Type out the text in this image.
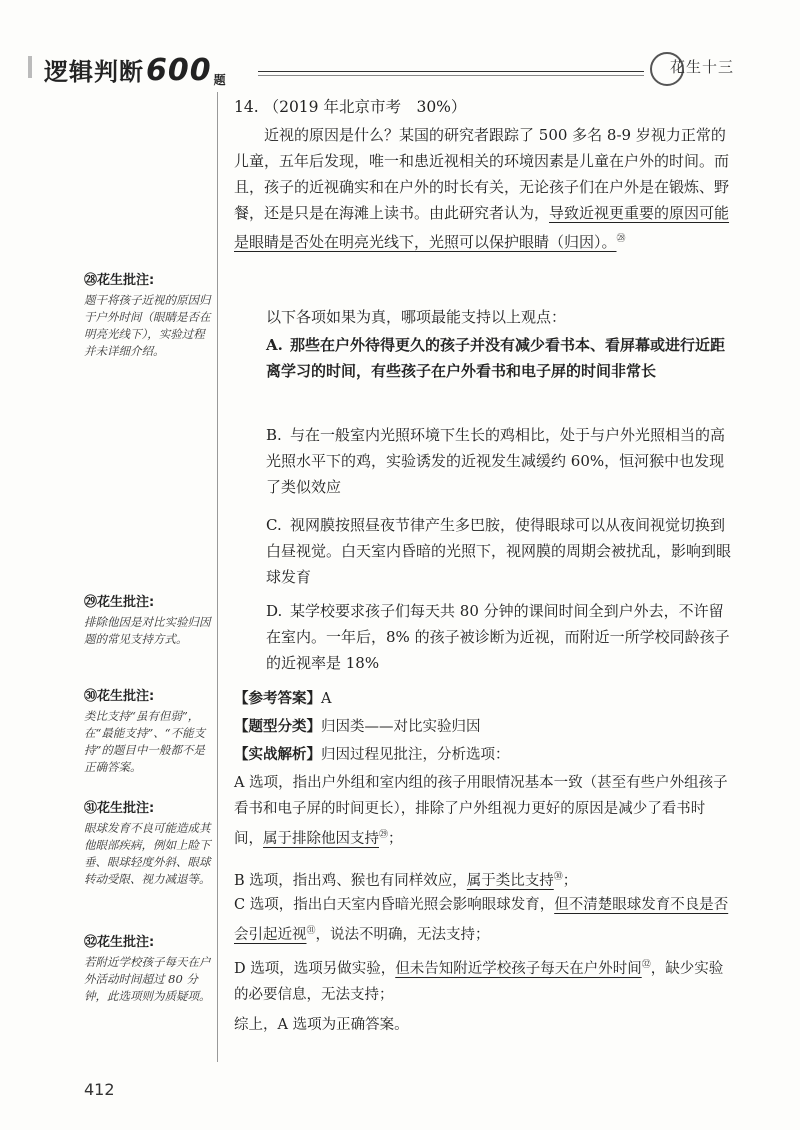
逻辑判断600 题
花生十三
14. （2019 年北京市考　30%）
近视的原因是什么？某国的研究者跟踪了 500 多名 8-9 岁视力正常的儿童，五年后发现，唯一和患近视相关的环境因素是儿童在户外的时间。而且，孩子的近视确实和在户外的时长有关，无论孩子们在户外是在锻炼、野餐，还是只是在海滩上读书。由此研究者认为，导致近视更重要的原因可能是眼睛是否处在明亮光线下，光照可以保护眼睛（归因）。$^㉘$
以下各项如果为真，哪项最能支持以上观点：
A. 那些在户外待得更久的孩子并没有减少看书本、看屏幕或进行近距离学习的时间，有些孩子在户外看书和电子屏的时间非常长
B. 与在一般室内光照环境下生长的鸡相比，处于与户外光照相当的高光照水平下的鸡，实验诱发的近视发生减缓约 60%，恒河猴中也发现了类似效应
C. 视网膜按照昼夜节律产生多巴胺，使得眼球可以从夜间视觉切换到白昼视觉。白天室内昏暗的光照下，视网膜的周期会被扰乱，影响到眼球发育
D. 某学校要求孩子们每天共 80 分钟的课间时间全到户外去，不许留在室内。一年后，8% 的孩子被诊断为近视，而附近一所学校同龄孩子的近视率是 18%
【参考答案】A
【题型分类】归因类——对比实验归因
【实战解析】归因过程见批注，分析选项：
A 选项，指出户外组和室内组的孩子用眼情况基本一致（甚至有些户外组孩子看书和电子屏的时间更长），排除了户外组视力更好的原因是减少了看书时间，属于排除他因支持$^㉙$；
B 选项，指出鸡、猴也有同样效应，属于类比支持$^㉚$；
C 选项，指出白天室内昏暗光照会影响眼球发育，但不清楚眼球发育不良是否会引起近视$^㉛$，说法不明确，无法支持；
D 选项，选项另做实验，但未告知附近学校孩子每天在户外时间$^㉜$，缺少实验的必要信息，无法支持；
综上，A 选项为正确答案。
㉘花生批注:
题干将孩子近视的原因归于户外时间（眼睛是否在明亮光线下），实验过程并未详细介绍。
㉙花生批注:
排除他因是对比实验归因题的常见支持方式。
㉚花生批注:
类比支持“虽有但弱”，在“最能支持”、“不能支持”的题目中一般都不是正确答案。
㉛花生批注:
眼球发育不良可能造成其他眼部疾病，例如上睑下垂、眼球轻度外斜、眼球转动受限、视力减退等。
㉜花生批注:
若附近学校孩子每天在户外活动时间超过 80 分钟，此选项则为质疑项。
412
